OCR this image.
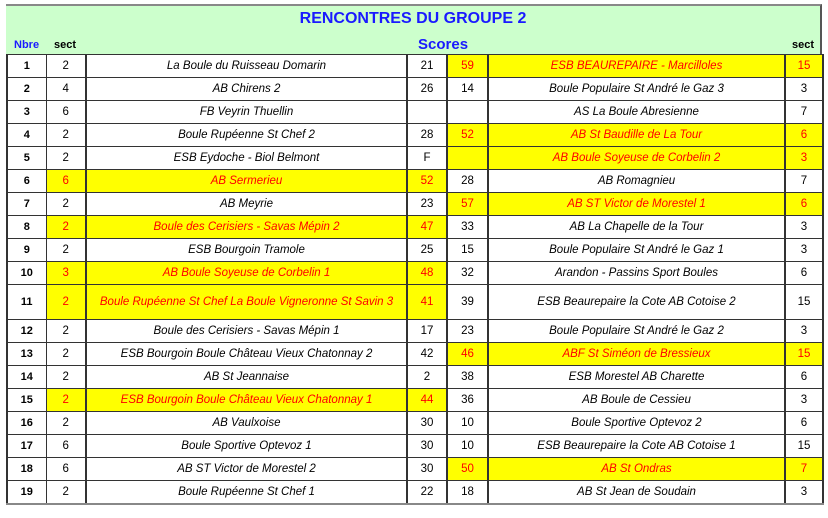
RENCONTRES DU GROUPE 2
Nbre sect	Scores	sect
1	2	La Boule du Ruisseau Domarin	21	59	ESB BEAUREPAIRE - Marcilloles	15
2	4	AB Chirens 2	26	14	Boule Populaire St André le Gaz 3	3
3	6	FB Veyrin Thuellin			AS La Boule Abresienne	7
4	2	Boule Rupéenne St Chef 2	28	52	AB St Baudille de La Tour	6
5	2	ESB Eydoche - Biol Belmont	F		AB Boule Soyeuse de Corbelin 2	3
6	6	AB Sermerieu	52	28	AB Romagnieu	7
7	2	AB Meyrie	23	57	AB ST Victor de Morestel 1	6
8	2	Boule des Cerisiers - Savas Mépin 2	47	33	AB La Chapelle de la Tour	3
9	2	ESB Bourgoin Tramole	25	15	Boule Populaire St André le Gaz 1	3
10	3	AB Boule Soyeuse de Corbelin 1	48	32	Arandon - Passins Sport Boules	6
11	2	Boule Rupéenne St Chef La Boule Vigneronne St Savin 3	41	39	ESB Beaurepaire la Cote AB Cotoise 2	15
12	2	Boule des Cerisiers - Savas Mépin 1	17	23	Boule Populaire St André le Gaz 2	3
13	2	ESB Bourgoin Boule Château Vieux Chatonnay 2	42	46	ABF St Siméon de Bressieux	15
14	2	AB St Jeannaise	2	38	ESB Morestel AB Charette	6
15	2	ESB Bourgoin Boule Château Vieux Chatonnay 1	44	36	AB Boule de Cessieu	3
16	2	AB Vaulxoise	30	10	Boule Sportive Optevoz 2	6
17	6	Boule Sportive Optevoz 1	30	10	ESB Beaurepaire la Cote AB Cotoise 1	15
18	6	AB ST Victor de Morestel 2	30	50	AB St Ondras	7
19	2	Boule Rupéenne St Chef 1	22	18	AB St Jean de Soudain	3
